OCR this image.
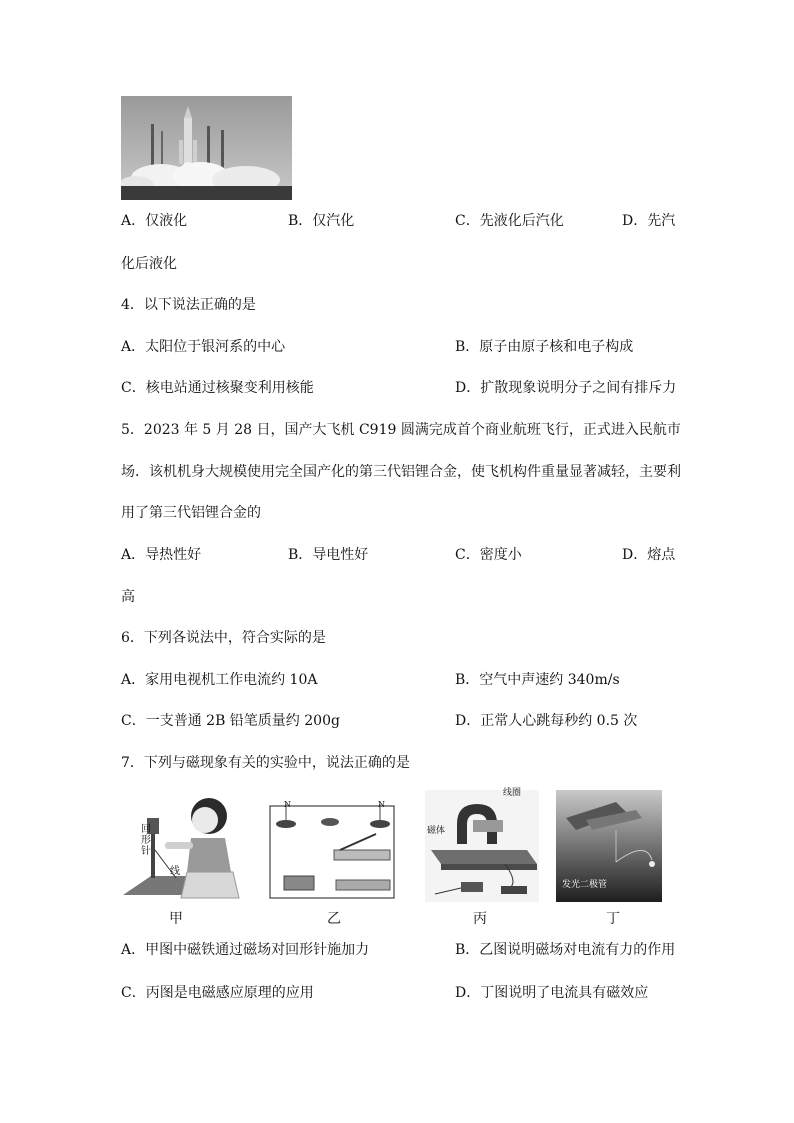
A．仅液化	B．仅汽化	C．先液化后汽化	D．先汽
化后液化
4．以下说法正确的是
A．太阳位于银河系的中心	B．原子由原子核和电子构成
C．核电站通过核聚变利用核能	D．扩散现象说明分子之间有排斥力
5．2023 年 5 月 28 日，国产大飞机 C919 圆满完成首个商业航班飞行，正式进入民航市
场．该机机身大规模使用完全国产化的第三代铝锂合金，使飞机构件重量显著减轻，主要利
用了第三代铝锂合金的
A．导热性好	B．导电性好	C．密度小	D．熔点
高
6．下列各说法中，符合实际的是
A．家用电视机工作电流约 10A	B．空气中声速约 340m/s
C．一支普通 2B 铅笔质量约 200g	D．正常人心跳每秒约 0.5 次
7．下列与磁现象有关的实验中，说法正确的是
回
形
针
线
甲
N	N
乙
线圈
磁体
丙
发光二极管
丁
A．甲图中磁铁通过磁场对回形针施加力	B．乙图说明磁场对电流有力的作用
C．丙图是电磁感应原理的应用	D．丁图说明了电流具有磁效应
